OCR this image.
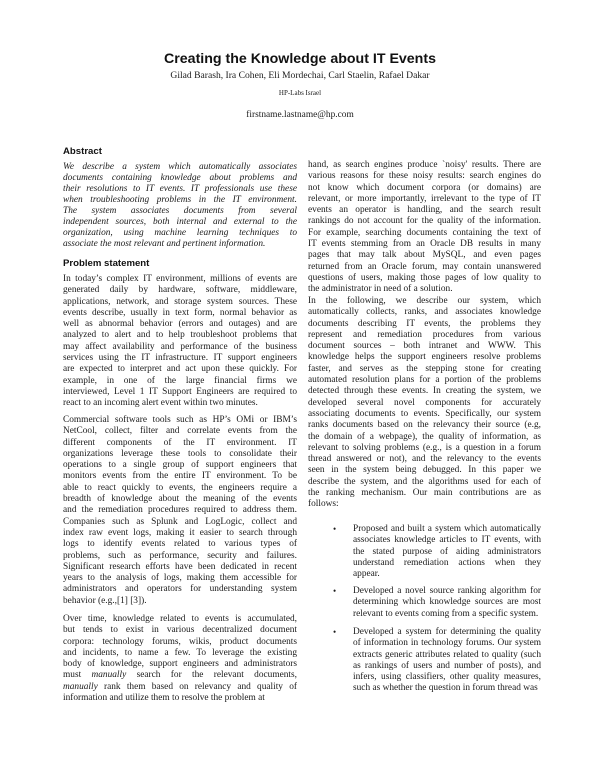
Creating the Knowledge about IT Events
Gilad Barash, Ira Cohen, Eli Mordechai, Carl Staelin, Rafael Dakar
HP-Labs Israel
firstname.lastname@hp.com
Abstract
We describe a system which automatically associates
documents containing knowledge about problems and
their resolutions to IT events. IT professionals use these
when troubleshooting problems in the IT environment.
The system associates documents from several
independent sources, both internal and external to the
organization, using machine learning techniques to
associate the most relevant and pertinent information.
Problem statement
In today’s complex IT environment, millions of events are
generated daily by hardware, software, middleware,
applications, network, and storage system sources. These
events describe, usually in text form, normal behavior as
well as abnormal behavior (errors and outages) and are
analyzed to alert and to help troubleshoot problems that
may affect availability and performance of the business
services using the IT infrastructure. IT support engineers
are expected to interpret and act upon these quickly. For
example, in one of the large financial firms we
interviewed, Level 1 IT Support Engineers are required to
react to an incoming alert event within two minutes.
Commercial software tools such as HP’s OMi or IBM’s
NetCool, collect, filter and correlate events from the
different components of the IT environment. IT
organizations leverage these tools to consolidate their
operations to a single group of support engineers that
monitors events from the entire IT environment. To be
able to react quickly to events, the engineers require a
breadth of knowledge about the meaning of the events
and the remediation procedures required to address them.
Companies such as Splunk and LogLogic, collect and
index raw event logs, making it easier to search through
logs to identify events related to various types of
problems, such as performance, security and failures.
Significant research efforts have been dedicated in recent
years to the analysis of logs, making them accessible for
administrators and operators for understanding system
behavior (e.g.,[1] [3]).
Over time, knowledge related to events is accumulated,
but tends to exist in various decentralized document
corpora: technology forums, wikis, product documents
and incidents, to name a few. To leverage the existing
body of knowledge, support engineers and administrators
must manually search for the relevant documents,
manually rank them based on relevancy and quality of
information and utilize them to resolve the problem at
hand, as search engines produce `noisy' results. There are
various reasons for these noisy results: search engines do
not know which document corpora (or domains) are
relevant, or more importantly, irrelevant to the type of IT
events an operator is handling, and the search result
rankings do not account for the quality of the information.
For example, searching documents containing the text of
IT events stemming from an Oracle DB results in many
pages that may talk about MySQL, and even pages
returned from an Oracle forum, may contain unanswered
questions of users, making those pages of low quality to
the administrator in need of a solution.
In the following, we describe our system, which
automatically collects, ranks, and associates knowledge
documents describing IT events, the problems they
represent and remediation procedures from various
document sources – both intranet and WWW. This
knowledge helps the support engineers resolve problems
faster, and serves as the stepping stone for creating
automated resolution plans for a portion of the problems
detected through these events. In creating the system, we
developed several novel components for accurately
associating documents to events. Specifically, our system
ranks documents based on the relevancy their source (e.g,
the domain of a webpage), the quality of information, as
relevant to solving problems (e.g., is a question in a forum
thread answered or not), and the relevancy to the events
seen in the system being debugged. In this paper we
describe the system, and the algorithms used for each of
the ranking mechanism. Our main contributions are as
follows:
• Proposed and built a system which automatically
associates knowledge articles to IT events, with
the stated purpose of aiding administrators
understand remediation actions when they
appear.
• Developed a novel source ranking algorithm for
determining which knowledge sources are most
relevant to events coming from a specific system.
• Developed a system for determining the quality
of information in technology forums. Our system
extracts generic attributes related to quality (such
as rankings of users and number of posts), and
infers, using classifiers, other quality measures,
such as whether the question in forum thread was
